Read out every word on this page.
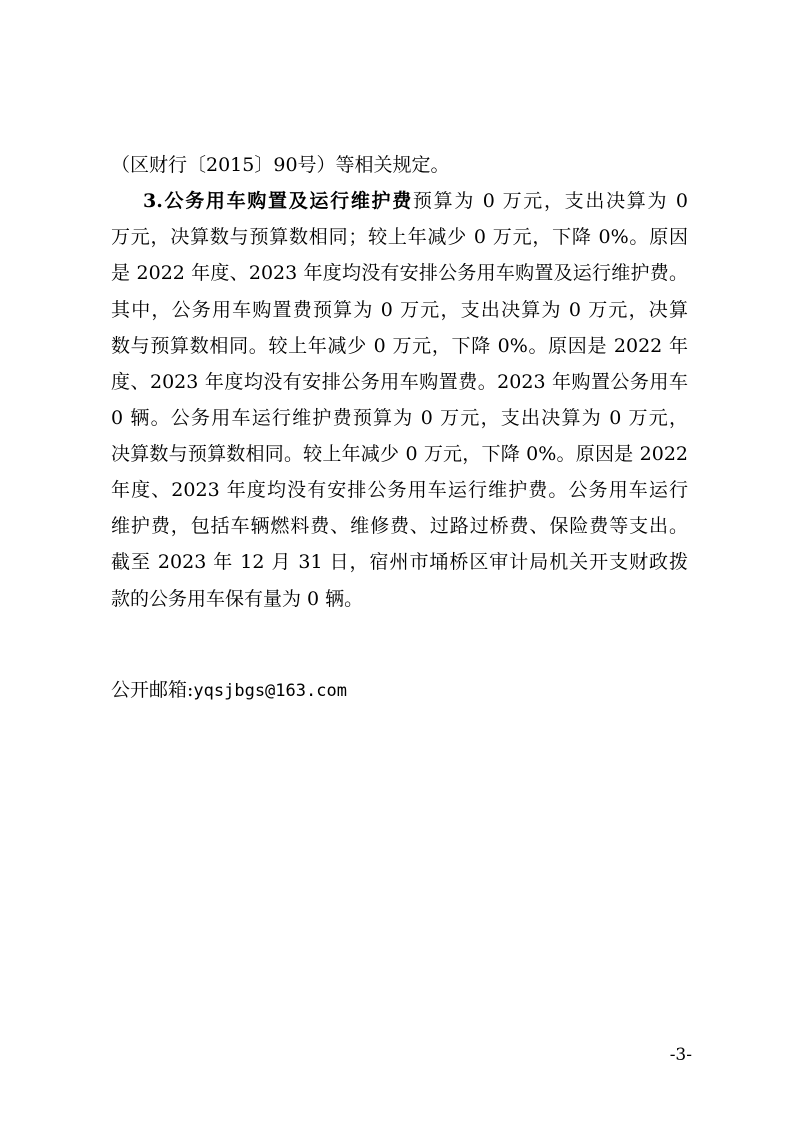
（区财行〔2015〕90号）等相关规定。
3.公务用车购置及运行维护费预算为 0 万元，支出决算为 0
万元，决算数与预算数相同；较上年减少 0 万元，下降 0%。原因
是 2022 年度、2023 年度均没有安排公务用车购置及运行维护费。
其中，公务用车购置费预算为 0 万元，支出决算为 0 万元，决算
数与预算数相同。较上年减少 0 万元，下降 0%。原因是 2022 年
度、2023 年度均没有安排公务用车购置费。2023 年购置公务用车
0 辆。公务用车运行维护费预算为 0 万元，支出决算为 0 万元，
决算数与预算数相同。较上年减少 0 万元，下降 0%。原因是 2022
年度、2023 年度均没有安排公务用车运行维护费。公务用车运行
维护费，包括车辆燃料费、维修费、过路过桥费、保险费等支出。
截至 2023 年 12 月 31 日，宿州市埇桥区审计局机关开支财政拨
款的公务用车保有量为 0 辆。
公开邮箱:yqsjbgs@163.com
-3-
